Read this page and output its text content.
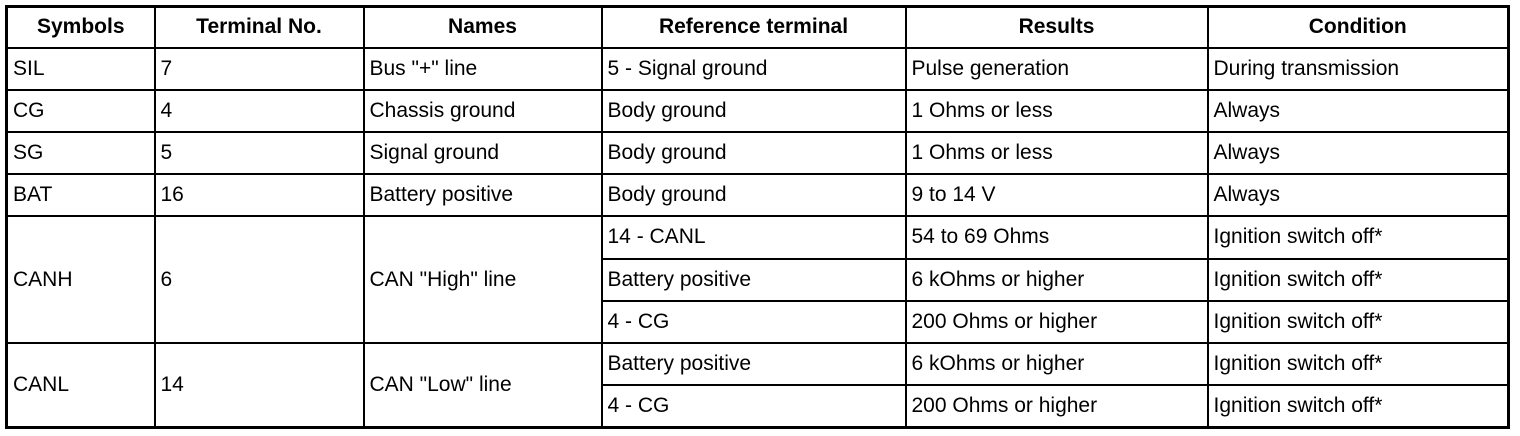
Symbols	Terminal No.	Names	Reference terminal	Results	Condition
SIL	7	Bus "+" line	5 - Signal ground	Pulse generation	During transmission
CG	4	Chassis ground	Body ground	1 Ohms or less	Always
SG	5	Signal ground	Body ground	1 Ohms or less	Always
BAT	16	Battery positive	Body ground	9 to 14 V	Always
CANH	6	CAN "High" line	14 - CANL	54 to 69 Ohms	Ignition switch off*
			Battery positive	6 kOhms or higher	Ignition switch off*
			4 - CG	200 Ohms or higher	Ignition switch off*
CANL	14	CAN "Low" line	Battery positive	6 kOhms or higher	Ignition switch off*
			4 - CG	200 Ohms or higher	Ignition switch off*
